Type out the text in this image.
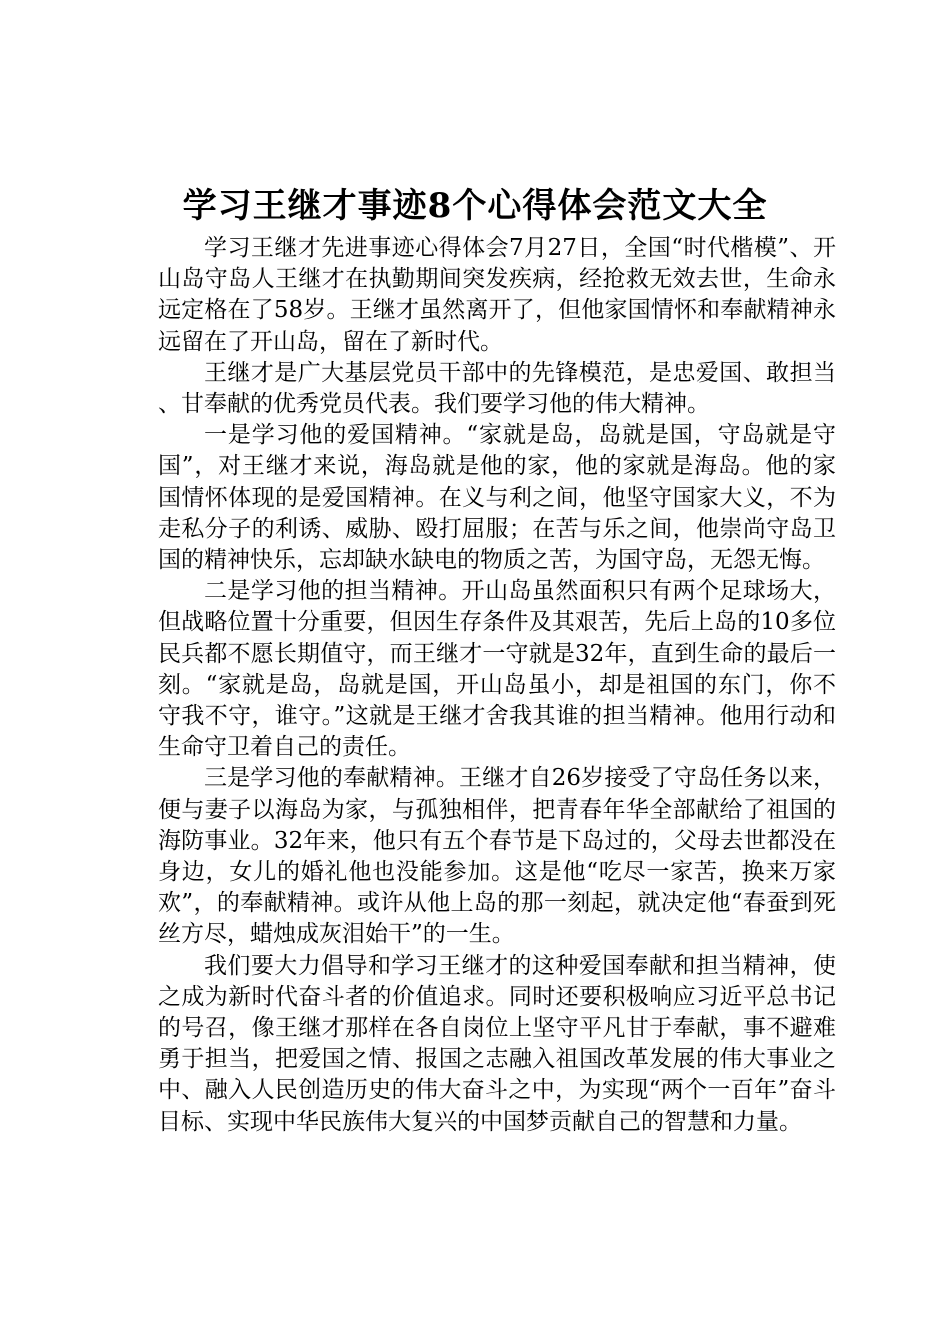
学习王继才事迹8个心得体会范文大全

学习王继才先进事迹心得体会7月27日，全国“时代楷模”、开山岛守岛人王继才在执勤期间突发疾病，经抢救无效去世，生命永远定格在了58岁。王继才虽然离开了，但他家国情怀和奉献精神永远留在了开山岛，留在了新时代。

王继才是广大基层党员干部中的先锋模范，是忠爱国、敢担当、甘奉献的优秀党员代表。我们要学习他的伟大精神。

一是学习他的爱国精神。“家就是岛，岛就是国，守岛就是守国”，对王继才来说，海岛就是他的家，他的家就是海岛。他的家国情怀体现的是爱国精神。在义与利之间，他坚守国家大义，不为走私分子的利诱、威胁、殴打屈服；在苦与乐之间，他崇尚守岛卫国的精神快乐，忘却缺水缺电的物质之苦，为国守岛，无怨无悔。

二是学习他的担当精神。开山岛虽然面积只有两个足球场大，但战略位置十分重要，但因生存条件及其艰苦，先后上岛的10多位民兵都不愿长期值守，而王继才一守就是32年，直到生命的最后一刻。“家就是岛，岛就是国，开山岛虽小，却是祖国的东门，你不守我不守，谁守。”这就是王继才舍我其谁的担当精神。他用行动和生命守卫着自己的责任。

三是学习他的奉献精神。王继才自26岁接受了守岛任务以来，便与妻子以海岛为家，与孤独相伴，把青春年华全部献给了祖国的海防事业。32年来，他只有五个春节是下岛过的，父母去世都没在身边，女儿的婚礼他也没能参加。这是他“吃尽一家苦，换来万家欢”，的奉献精神。或许从他上岛的那一刻起，就决定他“春蚕到死丝方尽，蜡烛成灰泪始干”的一生。

我们要大力倡导和学习王继才的这种爱国奉献和担当精神，使之成为新时代奋斗者的价值追求。同时还要积极响应习近平总书记的号召，像王继才那样在各自岗位上坚守平凡甘于奉献，事不避难勇于担当，把爱国之情、报国之志融入祖国改革发展的伟大事业之中、融入人民创造历史的伟大奋斗之中，为实现“两个一百年”奋斗目标、实现中华民族伟大复兴的中国梦贡献自己的智慧和力量。
